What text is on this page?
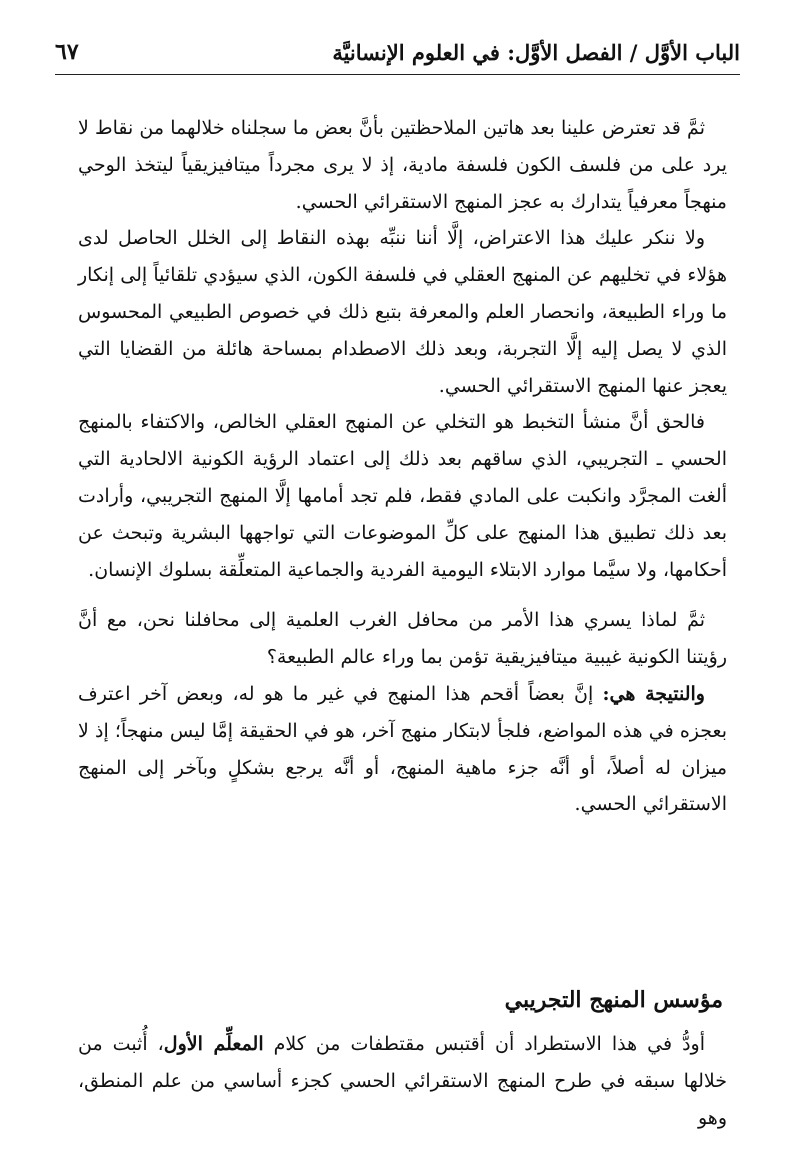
الباب الأوَّل / الفصل الأوَّل: في العلوم الإنسانيَّة
٦٧

ثمَّ قد تعترض علينا بعد هاتين الملاحظتين بأنَّ بعض ما سجلناه خلالهما من نقاط لا يرد على من فلسف الكون فلسفة مادية، إذ لا يرى مجرداً ميتافيزيقياً ليتخذ الوحي منهجاً معرفياً يتدارك به عجز المنهج الاستقرائي الحسي.

ولا ننكر عليك هذا الاعتراض، إلَّا أننا ننبِّه بهذه النقاط إلى الخلل الحاصل لدى هؤلاء في تخليهم عن المنهج العقلي في فلسفة الكون، الذي سيؤدي تلقائياً إلى إنكار ما وراء الطبيعة، وانحصار العلم والمعرفة بتبع ذلك في خصوص الطبيعي المحسوس الذي لا يصل إليه إلَّا التجربة، وبعد ذلك الاصطدام بمساحة هائلة من القضايا التي يعجز عنها المنهج الاستقرائي الحسي.

فالحق أنَّ منشأ التخبط هو التخلي عن المنهج العقلي الخالص، والاكتفاء بالمنهج الحسي ـ التجريبي، الذي ساقهم بعد ذلك إلى اعتماد الرؤية الكونية الالحادية التي ألغت المجرَّد وانكبت على المادي فقط، فلم تجد أمامها إلَّا المنهج التجريبي، وأرادت بعد ذلك تطبيق هذا المنهج على كلِّ الموضوعات التي تواجهها البشرية وتبحث عن أحكامها، ولا سيَّما موارد الابتلاء اليومية الفردية والجماعية المتعلِّقة بسلوك الإنسان.

ثمَّ لماذا يسري هذا الأمر من محافل الغرب العلمية إلى محافلنا نحن، مع أنَّ رؤيتنا الكونية غيبية ميتافيزيقية تؤمن بما وراء عالم الطبيعة؟

والنتيجة هي: إنَّ بعضاً أقحم هذا المنهج في غير ما هو له، وبعض آخر اعترف بعجزه في هذه المواضع، فلجأ لابتكار منهج آخر، هو في الحقيقة إمَّا ليس منهجاً؛ إذ لا ميزان له أصلاً، أو أنَّه جزء ماهية المنهج، أو أنَّه يرجع بشكلٍ وبآخر إلى المنهج الاستقرائي الحسي.

مؤسس المنهج التجريبي

أودُّ في هذا الاستطراد أن أقتبس مقتطفات من كلام المعلِّم الأول، أُثبت من خلالها سبقه في طرح المنهج الاستقرائي الحسي كجزء أساسي من علم المنطق، وهو
